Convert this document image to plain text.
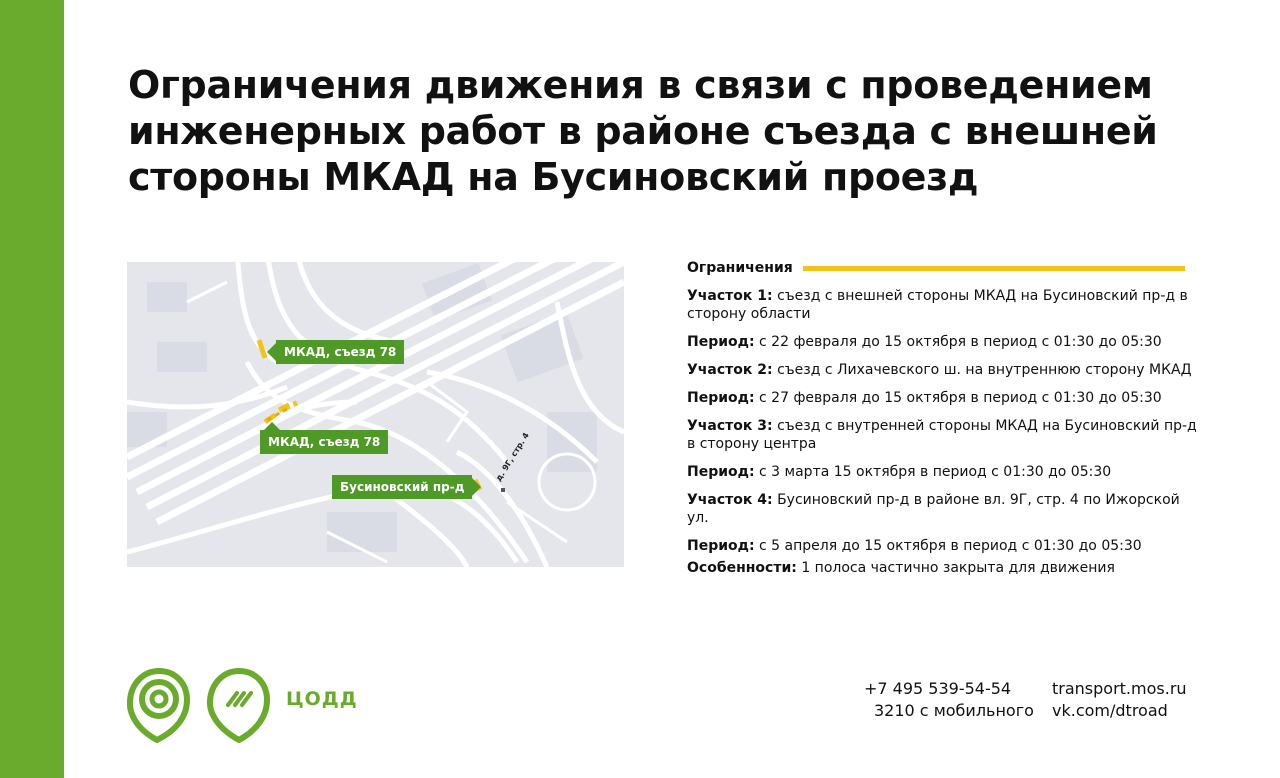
Ограничения движения в связи с проведением
инженерных работ в районе съезда с внешней
стороны МКАД на Бусиновский проезд
МКАД, съезд 78
МКАД, съезд 78
Бусиновский пр-д
д. 9Г, стр. 4
Ограничения

Участок 1: съезд с внешней стороны МКАД на Бусиновский пр-д в сторону области

Период: с 22 февраля до 15 октября в период с 01:30 до 05:30

Участок 2: съезд с Лихачевского ш. на внутреннюю сторону МКАД

Период: с 27 февраля до 15 октября в период с 01:30 до 05:30

Участок 3: съезд с внутренней стороны МКАД на Бусиновский пр-д в сторону центра

Период: с 3 марта 15 октября в период с 01:30 до 05:30

Участок 4: Бусиновский пр-д в районе вл. 9Г, стр. 4 по Ижорской ул.

Период: с 5 апреля до 15 октября в период с 01:30 до 05:30

Особенности: 1 полоса частично закрыта для движения

ЦОДД	+7 495 539-54-54
3210 с мобильного
transport.mos.ru
vk.com/dtroad
